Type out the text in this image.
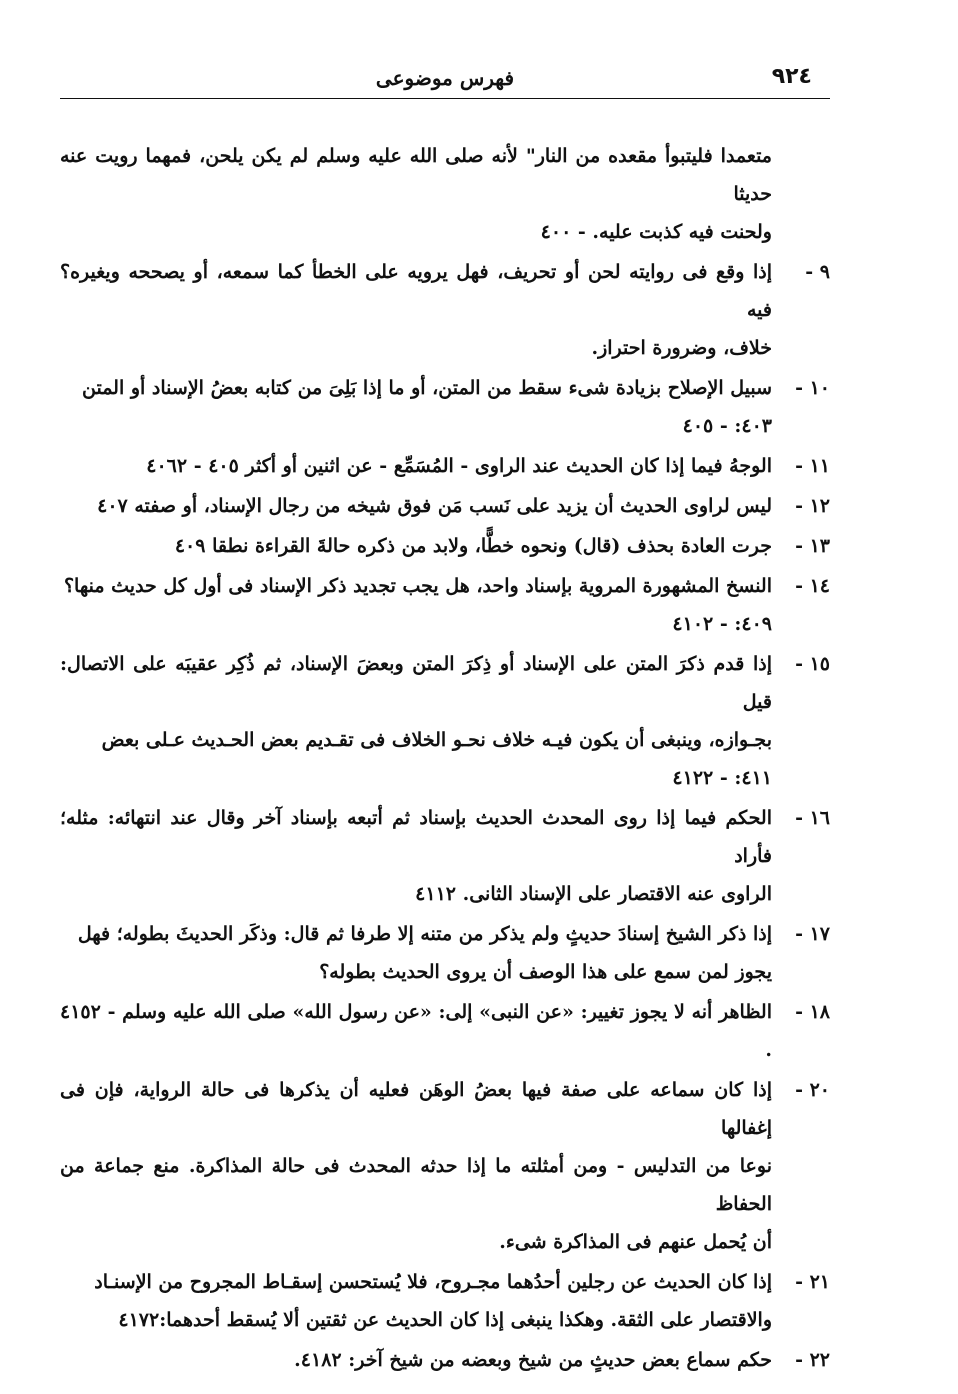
٩٢٤
فهرس موضوعى
متعمدا فليتبوأ مقعده من النار" لأنه صلى الله عليه وسلم لم يكن يلحن، فمهما رويت عنه حديثا
ولحنت فيه كذبت عليه. - ٤٠٠
٩ -
إذا وقع فى روايته لحن أو تحريف، فهل يرويه على الخطأ كما سمعه، أو يصححه ويغيره؟ فيه
خلاف، وضرورة احتراز.
١٠ -
سبيل الإصلاح بزيادة شىء سقط من المتن، أو ما إذا بَلِىَ من كتابه بعضُ الإسناد أو المتن
٤٠٣: - ٤٠٥
١١ -
الوجهُ فيما إذا كان الحديث عند الراوى - المُسَمِّع - عن اثنين أو أكثر ٤٠٥ - ٤٠٦٢
١٢ -
ليس لراوى الحديث أن يزيد على نَسب مَن فوق شيخه من رجال الإسناد، أو صفته ٤٠٧
١٣ -
جرت العادة بحذف (قال) ونحوه خطًّا، ولابد من ذكره حالةَ القراءة نطقا ٤٠٩
١٤ -
النسخ المشهورة المروية بإسناد واحد، هل يجب تجديد ذكر الإسناد فى أول كل حديث منها؟
٤٠٩: - ٤١٠٢
١٥ -
إذا قدم ذكرَ المتن على الإسناد أو ذِكرَ المتن وبعضَ الإسناد، ثم ذُكِر عقيبَه على الاتصال: قيل
بجـوازه، وينبغى أن يكون فيـه خلاف نحـو الخلاف فى تقـديم بعض الحـديث عـلى بعض
٤١١: - ٤١٢٢
١٦ -
الحكم فيما إذا روى المحدث الحديث بإسناد ثم أتبعه بإسناد آخر وقال عند انتهائه: مثله؛ فأراد
الراوى عنه الاقتصار على الإسناد الثانى. ٤١١٢
١٧ -
إذا ذكر الشيخ إسنادَ حديثٍ ولم يذكر من متنه إلا طرفا ثم قال: وذكَر الحديثَ بطوله؛ فهل
يجوز لمن سمع على هذا الوصف أن يروى الحديث بطوله؟
١٨ -
الظاهر أنه لا يجوز تغيير: «عن النبى» إلى: «عن رسول الله» صلى الله عليه وسلم - ٤١٥٢ .
٢٠ -
إذا كان سماعه على صفة فيها بعضُ الوهَن فعليه أن يذكرها فى حالة الرواية، فإن فى إغفالها
نوعا من التدليس - ومن أمثلته ما إذا حدثه المحدث فى حالة المذاكرة. منع جماعة من الحفاظ
أن يُحمل عنهم فى المذاكرة شىء.
٢١ -
إذا كان الحديث عن رجلين أحدُهما مجـروح، فلا يُستحسن إسقـاط المجروح من الإسنـاد
والاقتصار على الثقة. وهكذا ينبغى إذا كان الحديث عن ثقتين ألا يُسقط أحدهما:٤١٧٢
٢٢ -
حكم سماع بعض حديثٍ من شيخ وبعضه من شيخ آخر: ٤١٨٢.
